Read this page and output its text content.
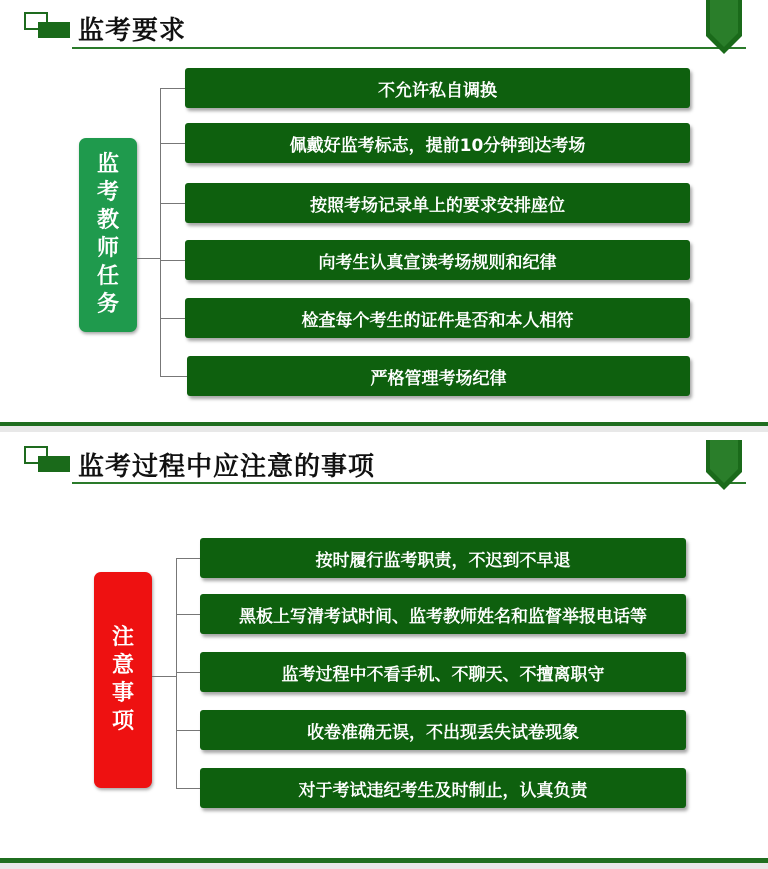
监考要求
监
考
教
师
任
务
不允许私自调换
佩戴好监考标志，提前10分钟到达考场
按照考场记录单上的要求安排座位
向考生认真宣读考场规则和纪律
检查每个考生的证件是否和本人相符
严格管理考场纪律
监考过程中应注意的事项
注
意
事
项
按时履行监考职责，不迟到不早退
黑板上写清考试时间、监考教师姓名和监督举报电话等
监考过程中不看手机、不聊天、不擅离职守
收卷准确无误，不出现丢失试卷现象
对于考试违纪考生及时制止，认真负责
